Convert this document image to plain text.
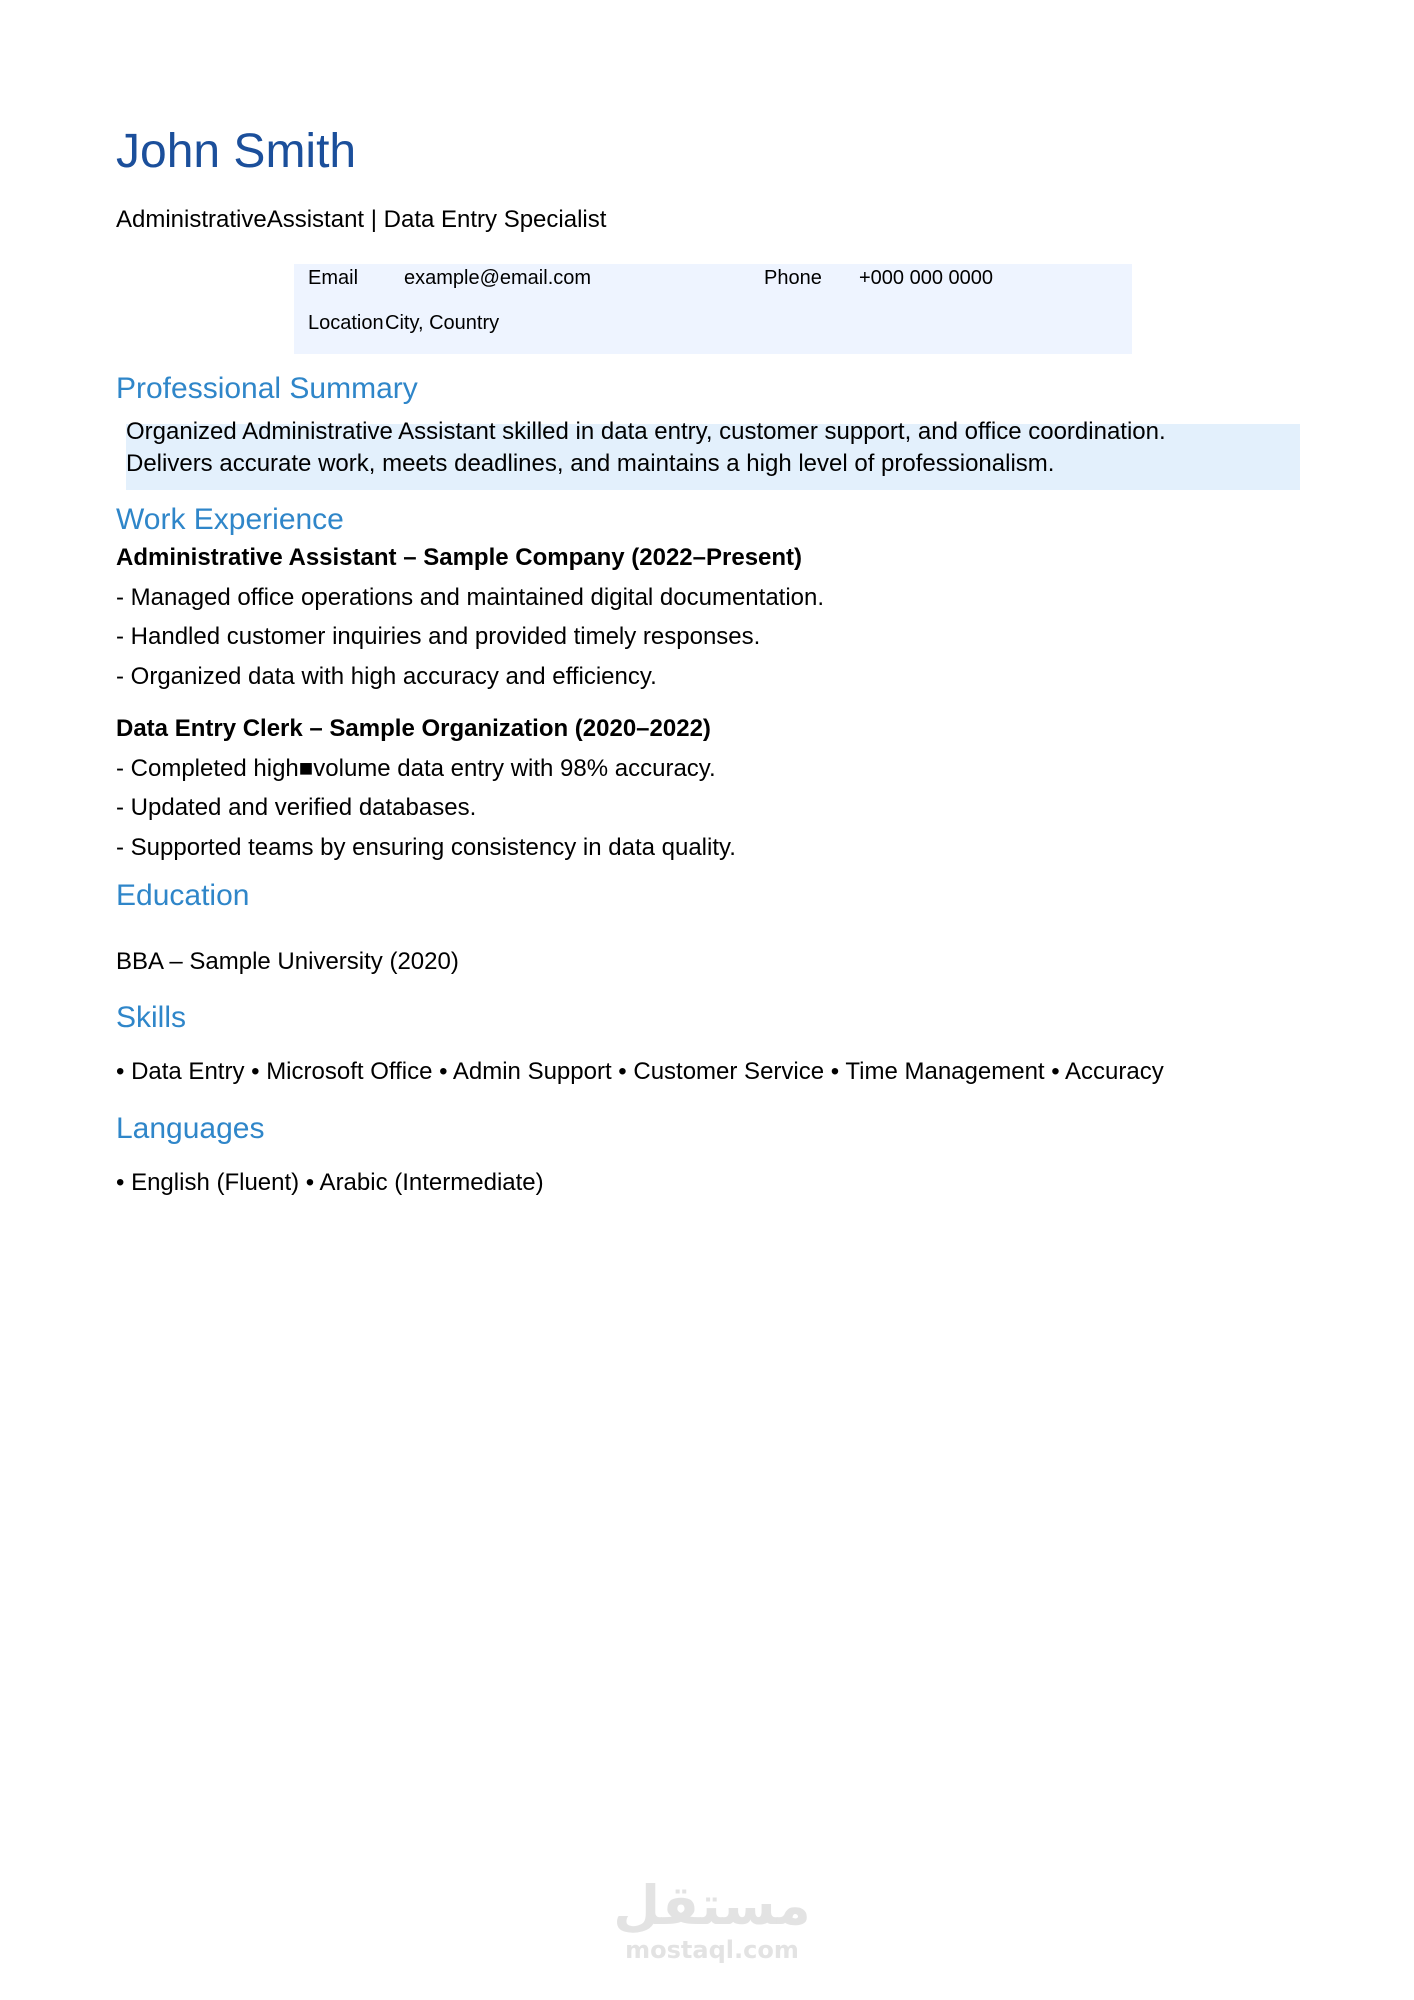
John Smith
AdministrativeAssistant | Data Entry Specialist
Email example@email.com	Phone +000 000 0000
Location City, Country
Professional Summary
Organized Administrative Assistant skilled in data entry, customer support, and office coordination.
Delivers accurate work, meets deadlines, and maintains a high level of professionalism.
Work Experience
Administrative Assistant – Sample Company (2022–Present)
- Managed office operations and maintained digital documentation.
- Handled customer inquiries and provided timely responses.
- Organized data with high accuracy and efficiency.
Data Entry Clerk – Sample Organization (2020–2022)
- Completed high■volume data entry with 98% accuracy.
- Updated and verified databases.
- Supported teams by ensuring consistency in data quality.
Education
BBA – Sample University (2020)
Skills
• Data Entry • Microsoft Office • Admin Support • Customer Service • Time Management • Accuracy
Languages
• English (Fluent) • Arabic (Intermediate)
مستقل
mostaql.com
